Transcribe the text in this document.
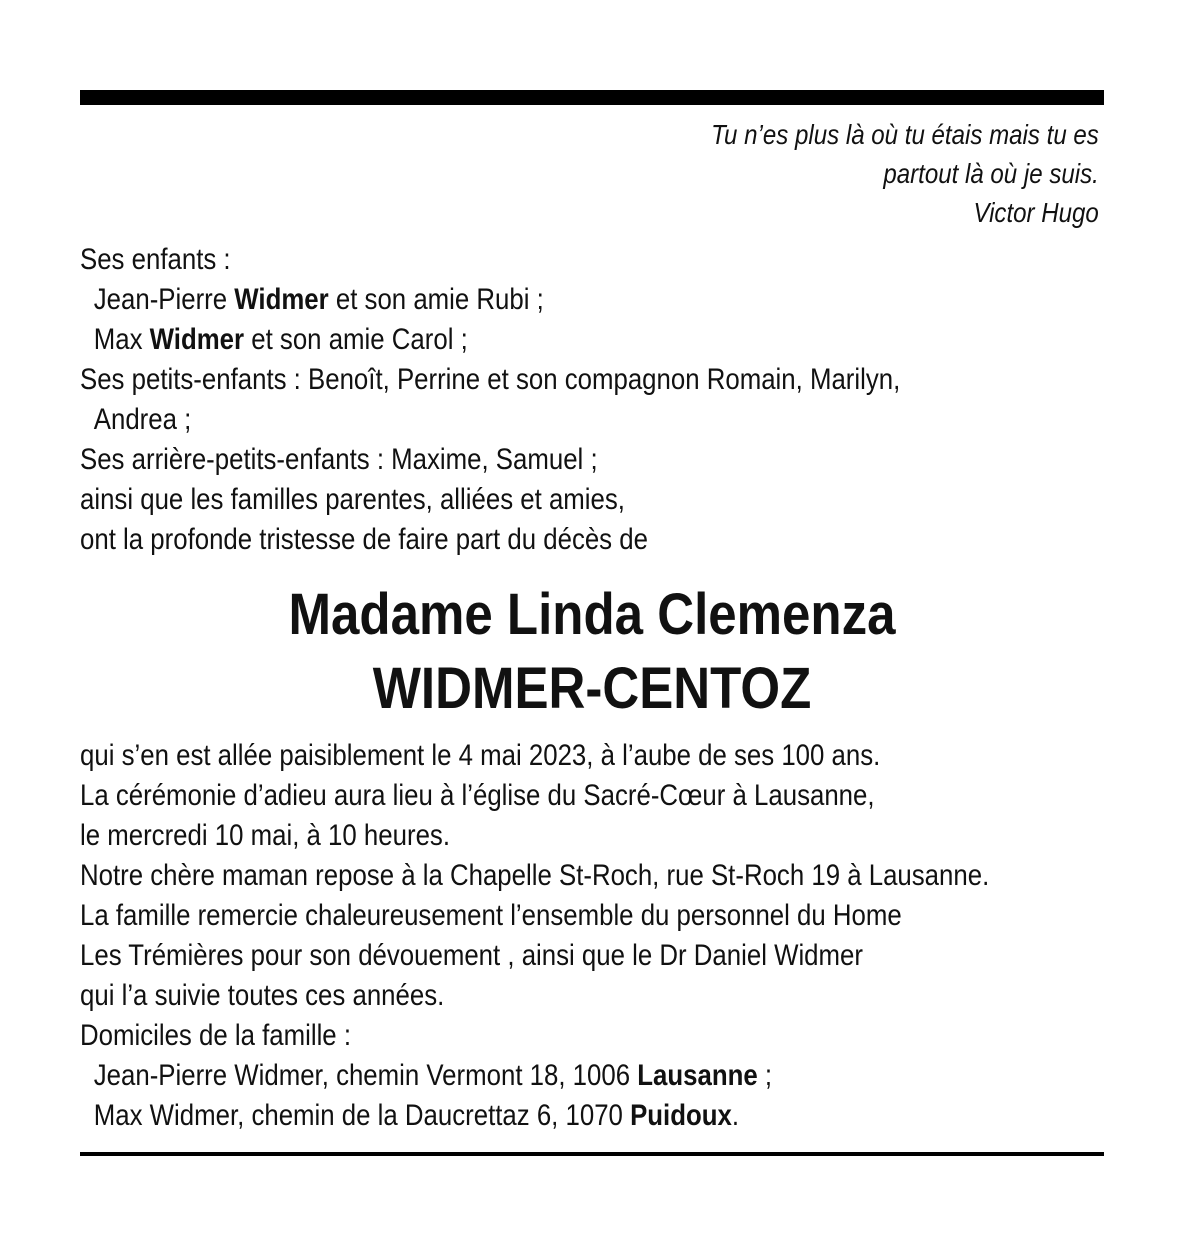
Tu n’es plus là où tu étais mais tu es
partout là où je suis.
Victor Hugo
Ses enfants :
Jean-Pierre Widmer et son amie Rubi ;
Max Widmer et son amie Carol ;
Ses petits-enfants : Benoît, Perrine et son compagnon Romain, Marilyn,
Andrea ;
Ses arrière-petits-enfants : Maxime, Samuel ;
ainsi que les familles parentes, alliées et amies,
ont la profonde tristesse de faire part du décès de
Madame Linda Clemenza
WIDMER-CENTOZ
qui s’en est allée paisiblement le 4 mai 2023, à l’aube de ses 100 ans.
La cérémonie d’adieu aura lieu à l’église du Sacré-Cœur à Lausanne,
le mercredi 10 mai, à 10 heures.
Notre chère maman repose à la Chapelle St-Roch, rue St-Roch 19 à Lausanne.
La famille remercie chaleureusement l’ensemble du personnel du Home
Les Trémières pour son dévouement , ainsi que le Dr Daniel Widmer
qui l’a suivie toutes ces années.
Domiciles de la famille :
Jean-Pierre Widmer, chemin Vermont 18, 1006 Lausanne ;
Max Widmer, chemin de la Daucrettaz 6, 1070 Puidoux.
